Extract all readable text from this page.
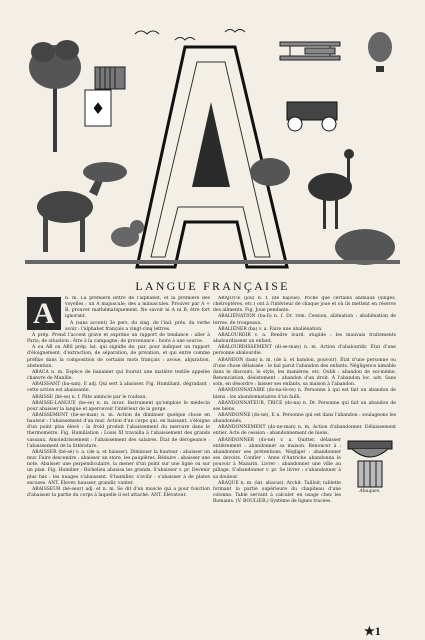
♦
LANGUE FRANÇAISE

A	n. m. La première lettre de l'alphabet, et la première des voyelles : un A majuscule; des a minuscules. Prouver par A + B, prouver mathématiquement. Ne savoir ni A ni B, être fort ignorant.

A (sans accent) 3e pers. du sing. de l'ind. prés. du verbe avoir : l'alphabet français a vingt-cinq lettres.

À prép. Prend l'accent grave et exprime un rapport de tendance : aller à Paris; de situation : être à la campagne; de provenance : boire à une source.

A ou AB ou ABS prép. lat. qui signifie de, par, pour indiquer un rapport d'éloignement, d'extraction, de séparation, de privation, et qui entre comme préfixe dans la composition de certains mots français : avoue, abjuration, abstention.

ABACA n. m. Espèce de bananier qui fournit une matière textile appelée chanvre de Manille.

ABAISSANT (ba-san), E adj. Qui sert à abaisser. Fig. Humiliant, dégradant : cette action est abaissante.

ABAISSE (bè-se) n. f. Pâte amincie par le rouleau.

ABAISSE-LANGUE (be-se) n. m. invar. Instrument qu'emploie le médecin pour abaisser la langue et apercevoir l'intérieur de la gorge.

ABAISSEMENT (bè-se-man) n. m. Action de diminuer quelque chose en hauteur : l'abaissement d'un mur. Action d'un corps qui, en baissant, s'éloigne d'un point plus élevé : la froid produit l'abaissement du mercure dans le thermomètre. Fig. Humiliation : Louis XI travailla à l'abaissement des grands vassaux. Amoindrissement : l'abaissement des salaires. État de dérogeance : l'abaissement de la littérature.

ABAISSER (bè-sé) v. a. (de a, et baisser). Diminuer la hauteur : abaisser un mur. Faire descendre : abaisser un store, les paupières. Réduire : abaisser une note. Abaisser une perpendiculaire, la mener d'un point sur une ligne ou sur un plan. Fig. Humilier : Richelieu abaissa les grands. S'abaisser v. pr. Devenir plus bas : les nuages s'abaissent. S'humilier, s'avilir : s'abaisser à de plates excuses. ANT. Élever, hausser, grandir, vanter.

ABAISSEUR (bè-seur) adj. et n. m. Se dit d'un muscle qui a pour fonction d'abaisser la partie du corps à laquelle il est attaché. ANT. Élévateur.

ABAJOUE (jou) n. f. (de bajoue). Poche que certains animaux (singes, chéiroptères, etc.) ont à l'intérieur de chaque joue et où ils mettent en réserve des aliments. Fig. Joue pendante.

ABALIÉNATION (ba-li) n. f. Dr. rom. Cession, aliénation : abaliénation de terres, de troupeaux.

ABALIÉNER (ba) v. a. Faire une abaliénation.

ABALOURDIR v. a. Rendre lourd, stupide : les mauvais traitements abalourdissent un enfant.

ABALOURDISSEMENT (di-se-man) n. m. Action d'abalourdir. État d'une personne abalourdie.

ABANDON (ban) n. m. (de à, et bandon, pouvoir). État d'une personne ou d'une chose délaissée : le bal parut l'abandon des enfants. Négligence aimable dans le discours, le style, les manières, etc. Oubli : abandon de soi-même. Renonciation, désistement : abandon d'un droit. À l'abandon loc. adv. Sans soin, en désordre : laisser ses enfants, sa maison à l'abandon.

ABANDONNATAIRE (do-na-tè-re) n. Personne à qui est fait un abandon de biens : les abandonnataires d'un failli.

ABANDONNATEUR, TRICE (do-na) n. Dr. Personne qui fait un abandon de ses biens.

ABANDONNE (do-né), E n. Personne qui est dans l'abandon : soulageons les abandonnés.

ABANDONNEMENT (do-ne-man) n. m. Action d'abandonner. Délaissement entier. Acte de cession : abandonnement de biens.

Abaques.

ABANDONNER (do-né) v. a. Quitter, délaisser entièrement : abandonner sa maison. Renoncer à : abandonner ses prétentions. Négliger : abandonner ses devoirs. Confier : Anne d'Autriche abandonna le pouvoir à Mazarin. Livrer : abandonner une ville au pillage. S'abandonner v. pr. Se livrer : s'abandonner à sa douleur.

ABAQUE n. m. (lat. abacus). Archit. Tailloir, tablette formant la partie supérieure du chapiteau d'une colonne. Table servant à calculer en usage chez les Romains. (V. BOULIER.) Système de lignes tracées.

★1
